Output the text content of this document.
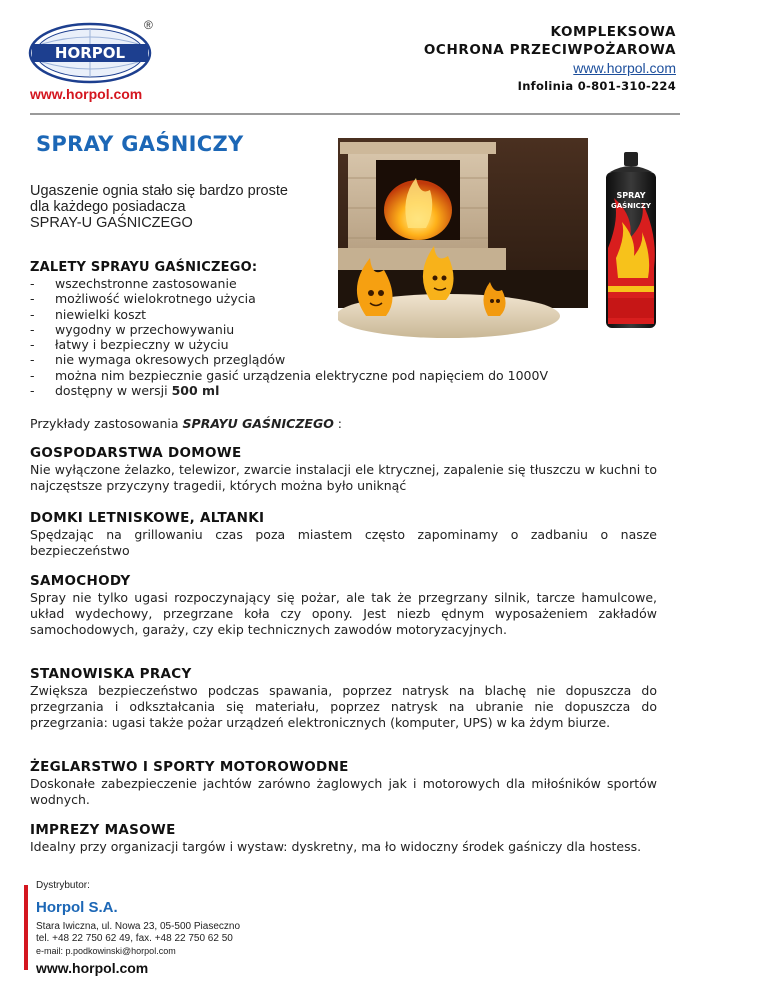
HORPOL
®
www.horpol.com
KOMPLEKSOWA
OCHRONA PRZECIWPOŻAROWA
www.horpol.com
Infolinia 0-801-310-224
SPRAY GAŚNICZY
Ugaszenie ognia stało się bardzo proste
dla każdego posiadacza
SPRAY-U GAŚNICZEGO
SPRAY
GAŚNICZY
ZALETY SPRAYU GAŚNICZEGO:
- wszechstronne zastosowanie
- możliwość wielokrotnego użycia
- niewielki koszt
- wygodny w przechowywaniu
- łatwy i bezpieczny w użyciu
- nie wymaga okresowych przeglądów
- można nim bezpiecznie gasić urządzenia elektryczne pod napięciem do 1000V
- dostępny w wersji 500 ml
Przykłady zastosowania SPRAYU GAŚNICZEGO :
GOSPODARSTWA DOMOWE
Nie wyłączone żelazko, telewizor, zwarcie instalacji ele ktrycznej, zapalenie się tłuszczu w kuchni to najczęstsze przyczyny tragedii, których można było uniknąć
DOMKI LETNISKOWE, ALTANKI
Spędzając na grillowaniu czas poza miastem często zapominamy o zadbaniu o nasze bezpieczeństwo
SAMOCHODY
Spray nie tylko ugasi rozpoczynający się pożar, ale tak że przegrzany silnik, tarcze hamulcowe, układ wydechowy, przegrzane koła czy opony. Jest niezb ędnym wyposażeniem zakładów samochodowych, garaży, czy ekip technicznych zawodów motoryzacyjnych.
STANOWISKA PRACY
Zwiększa bezpieczeństwo podczas spawania, poprzez natrysk na blachę nie dopuszcza do przegrzania i odkształcania się materiału, poprzez natrysk na ubranie nie dopuszcza do przegrzania: ugasi także pożar urządzeń elektronicznych (komputer, UPS) w ka żdym biurze.
ŻEGLARSTWO I SPORTY MOTOROWODNE
Doskonałe zabezpieczenie jachtów zarówno żaglowych jak i motorowych dla miłośników sportów wodnych.
IMPREZY MASOWE
Idealny przy organizacji targów i wystaw: dyskretny, ma ło widoczny środek gaśniczy dla hostess.
Dystrybutor:
Horpol S.A.
Stara Iwiczna, ul. Nowa 23, 05-500 Piaseczno
tel. +48 22 750 62 49, fax. +48 22 750 62 50
e-mail: p.podkowinski@horpol.com
www.horpol.com
